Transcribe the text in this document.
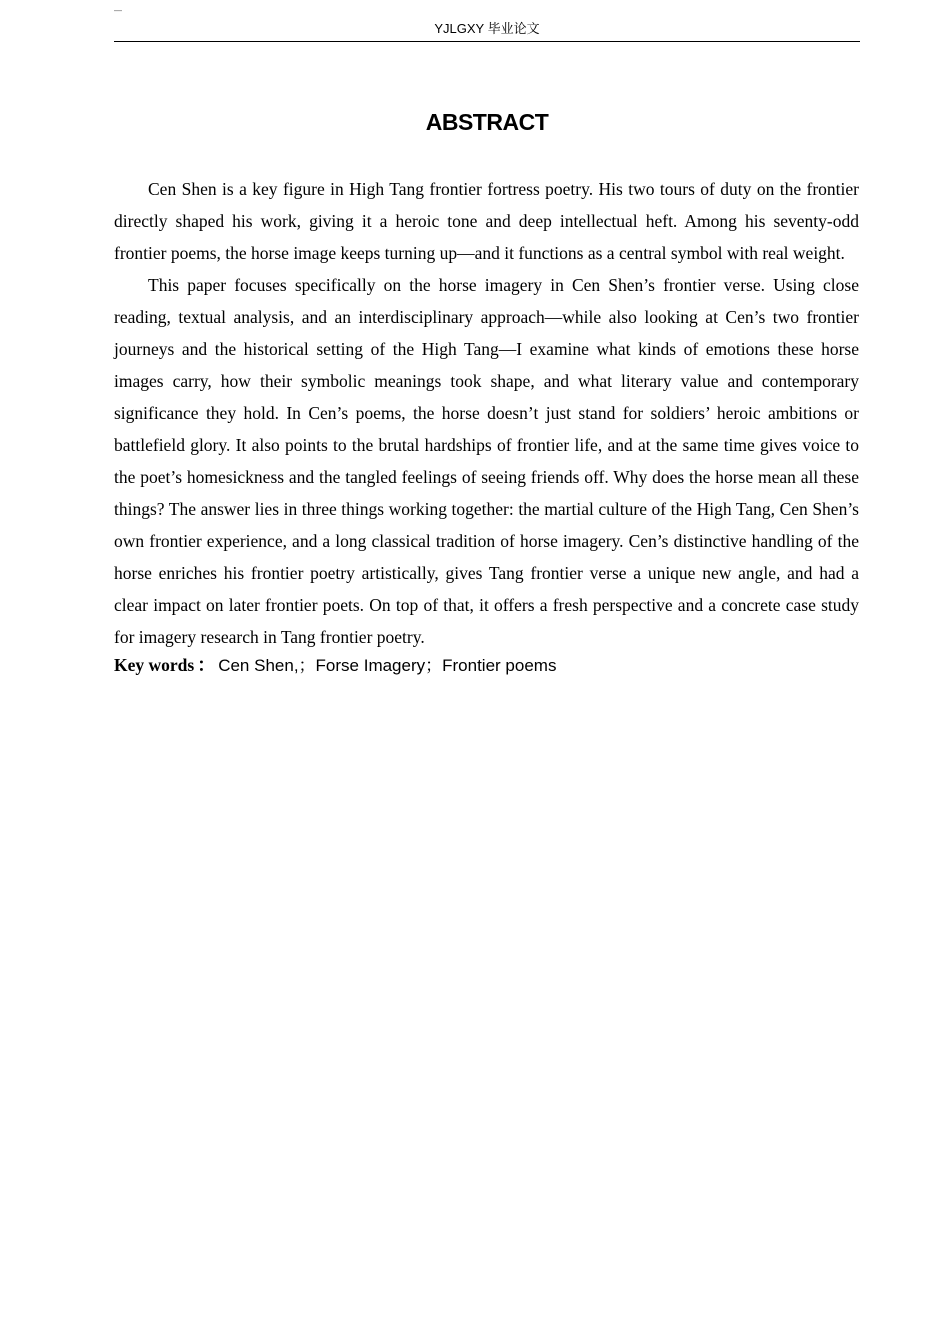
—
YJLGXY 毕业论文
ABSTRACT

Cen Shen is a key figure in High Tang frontier fortress poetry. His two tours of duty on the frontier directly shaped his work, giving it a heroic tone and deep intellectual heft. Among his seventy-odd frontier poems, the horse image keeps turning up—and it functions as a central symbol with real weight.

This paper focuses specifically on the horse imagery in Cen Shen’s frontier verse. Using close reading, textual analysis, and an interdisciplinary approach—while also looking at Cen’s two frontier journeys and the historical setting of the High Tang—I examine what kinds of emotions these horse images carry, how their symbolic meanings took shape, and what literary value and contemporary significance they hold. In Cen’s poems, the horse doesn’t just stand for soldiers’ heroic ambitions or battlefield glory. It also points to the brutal hardships of frontier life, and at the same time gives voice to the poet’s homesickness and the tangled feelings of seeing friends off. Why does the horse mean all these things? The answer lies in three things working together: the martial culture of the High Tang, Cen Shen’s own frontier experience, and a long classical tradition of horse imagery. Cen’s distinctive handling of the horse enriches his frontier poetry artistically, gives Tang frontier verse a unique new angle, and had a clear impact on later frontier poets. On top of that, it offers a fresh perspective and a concrete case study for imagery research in Tang frontier poetry.

Key words ： Cen Shen,；Forse Imagery；Frontier poems
